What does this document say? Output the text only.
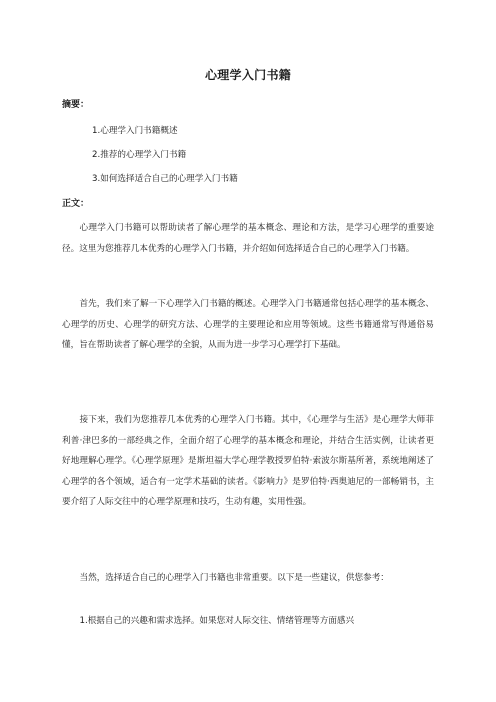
心理学入门书籍
摘要：
1.心理学入门书籍概述
2.推荐的心理学入门书籍
3.如何选择适合自己的心理学入门书籍
正文：

心理学入门书籍可以帮助读者了解心理学的基本概念、理论和方法，是学习心理学的重要途径。这里为您推荐几本优秀的心理学入门书籍，并介绍如何选择适合自己的心理学入门书籍。

首先，我们来了解一下心理学入门书籍的概述。心理学入门书籍通常包括心理学的基本概念、心理学的历史、心理学的研究方法、心理学的主要理论和应用等领域。这些书籍通常写得通俗易懂，旨在帮助读者了解心理学的全貌，从而为进一步学习心理学打下基础。

接下来，我们为您推荐几本优秀的心理学入门书籍。其中，《心理学与生活》是心理学大师菲利普·津巴多的一部经典之作，全面介绍了心理学的基本概念和理论，并结合生活实例，让读者更好地理解心理学。《心理学原理》是斯坦福大学心理学教授罗伯特·索波尔斯基所著，系统地阐述了心理学的各个领域，适合有一定学术基础的读者。《影响力》是罗伯特·西奥迪尼的一部畅销书，主要介绍了人际交往中的心理学原理和技巧，生动有趣，实用性强。

当然，选择适合自己的心理学入门书籍也非常重要。以下是一些建议，供您参考：

1.根据自己的兴趣和需求选择。如果您对人际交往、情绪管理等方面感兴
